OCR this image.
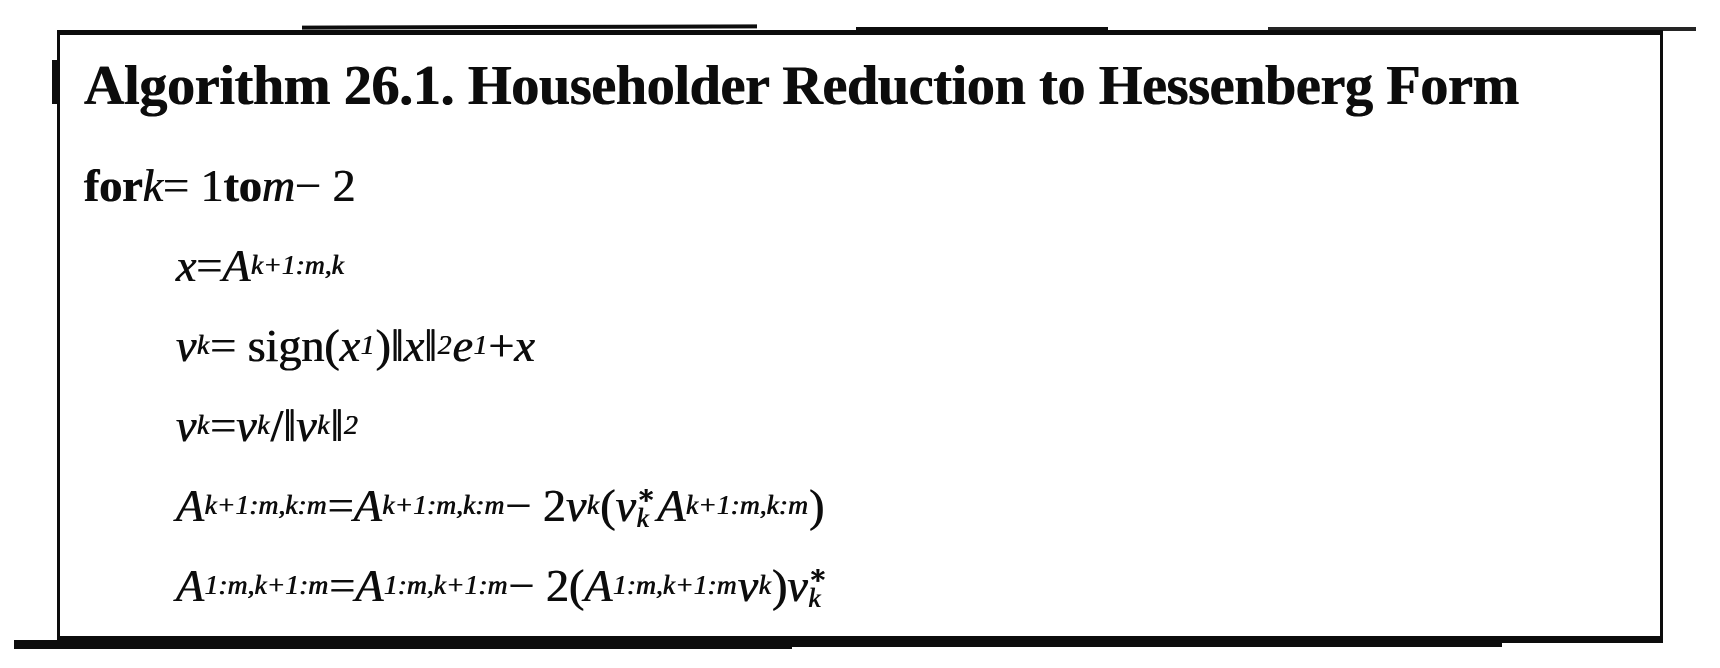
Algorithm 26.1. Householder Reduction to Hessenberg Form
for k = 1 to m − 2
x = A k+1:m,k
v k = sign( x 1 )‖ x ‖ 2 e 1 + x
v k = v k /‖ v k ‖ 2
A k+1:m,k:m = A k+1:m,k:m − 2 v k ( v ∗
k A k+1:m,k:m )
A 1:m,k+1:m = A 1:m,k+1:m − 2( A 1:m,k+1:m v k ) v ∗
k
